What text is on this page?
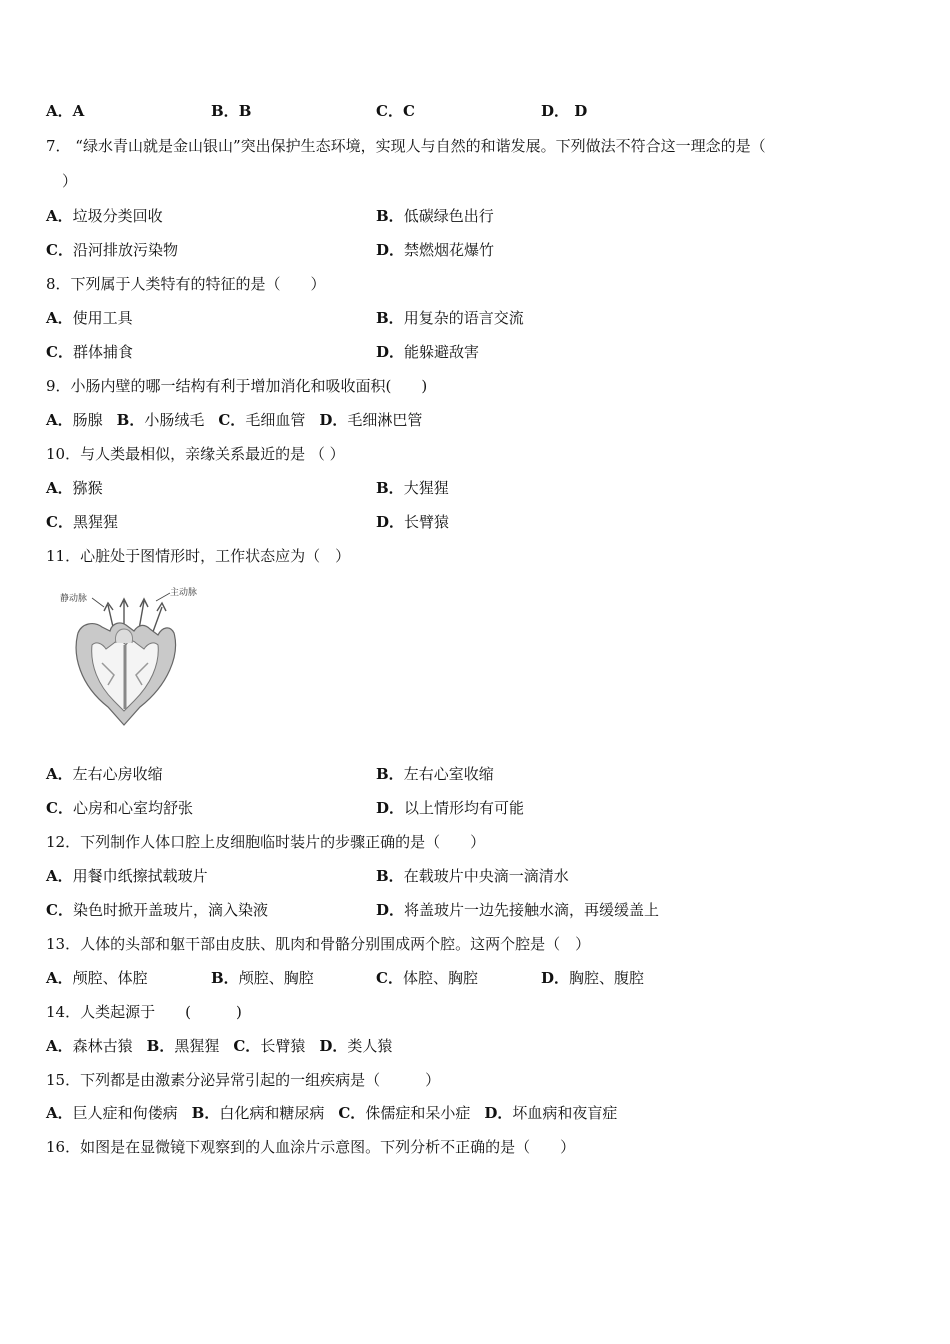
A．A	B．B	C．C	D． D
7． “绿水青山就是金山银山”突出保护生态环境，实现人与自然的和谐发展。下列做法不符合这一理念的是（
）
A．垃圾分类回收	B．低碳绿色出行
C．沿河排放污染物	D．禁燃烟花爆竹
8．下列属于人类特有的特征的是（　　）
A．使用工具	B．用复杂的语言交流
C．群体捕食	D．能躲避敌害
9．小肠内壁的哪一结构有利于增加消化和吸收面积(　　)
A．肠腺 B．小肠绒毛 C．毛细血管 D．毛细淋巴管
10．与人类最相似，亲缘关系最近的是 （ ）
A．猕猴	B．大猩猩
C．黑猩猩	D．长臂猿
11．心脏处于图情形时，工作状态应为（　）
静动脉
主动脉
A．左右心房收缩	B．左右心室收缩
C．心房和心室均舒张	D．以上情形均有可能
12．下列制作人体口腔上皮细胞临时装片的步骤正确的是（　　）
A．用餐巾纸擦拭载玻片	B．在载玻片中央滴一滴清水
C．染色时掀开盖玻片，滴入染液	D．将盖玻片一边先接触水滴，再缓缓盖上
13．人体的头部和躯干部由皮肤、肌肉和骨骼分别围成两个腔。这两个腔是（　）
A．颅腔、体腔	B．颅腔、胸腔	C．体腔、胸腔	D．胸腔、腹腔
14．人类起源于　　(　　　)
A．森林古猿 B．黑猩猩 C．长臂猿 D．类人猿
15．下列都是由激素分泌异常引起的一组疾病是（　　　）
A．巨人症和佝偻病 B．白化病和糖尿病 C．侏儒症和呆小症 D．坏血病和夜盲症
16．如图是在显微镜下观察到的人血涂片示意图。下列分析不正确的是（　　）
